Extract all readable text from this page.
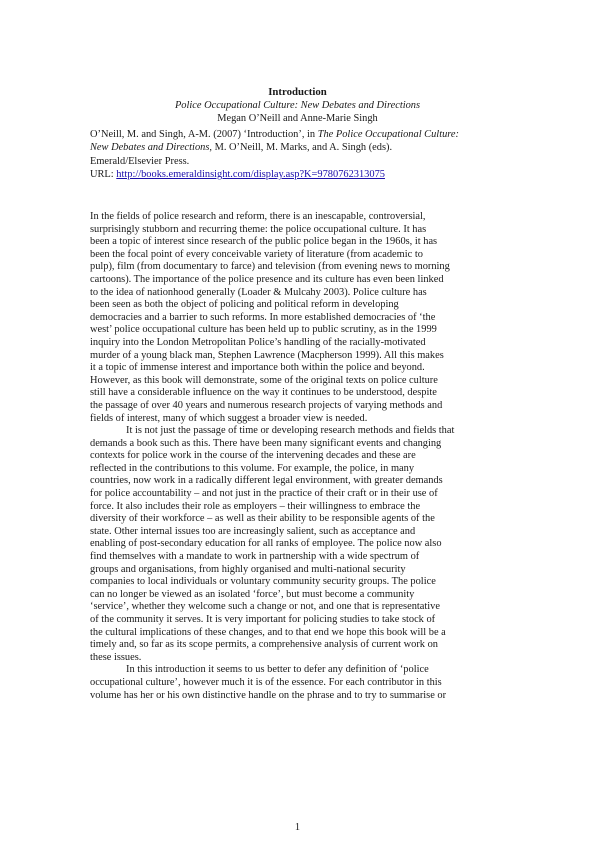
Introduction
Police Occupational Culture: New Debates and Directions
Megan O’Neill and Anne-Marie Singh

O’Neill, M. and Singh, A-M. (2007) ‘Introduction’, in The Police Occupational Culture:

New Debates and Directions, M. O’Neill, M. Marks, and A. Singh (eds).

Emerald/Elsevier Press.

URL: http://books.emeraldinsight.com/display.asp?K=9780762313075

In the fields of police research and reform, there is an inescapable, controversial,
surprisingly stubborn and recurring theme: the police occupational culture. It has
been a topic of interest since research of the public police began in the 1960s, it has
been the focal point of every conceivable variety of literature (from academic to
pulp), film (from documentary to farce) and television (from evening news to morning
cartoons). The importance of the police presence and its culture has even been linked
to the idea of nationhood generally (Loader & Mulcahy 2003). Police culture has
been seen as both the object of policing and political reform in developing
democracies and a barrier to such reforms. In more established democracies of ‘the
west’ police occupational culture has been held up to public scrutiny, as in the 1999
inquiry into the London Metropolitan Police’s handling of the racially-motivated
murder of a young black man, Stephen Lawrence (Macpherson 1999). All this makes
it a topic of immense interest and importance both within the police and beyond.
However, as this book will demonstrate, some of the original texts on police culture
still have a considerable influence on the way it continues to be understood, despite
the passage of over 40 years and numerous research projects of varying methods and
fields of interest, many of which suggest a broader view is needed.
It is not just the passage of time or developing research methods and fields that
demands a book such as this. There have been many significant events and changing
contexts for police work in the course of the intervening decades and these are
reflected in the contributions to this volume. For example, the police, in many
countries, now work in a radically different legal environment, with greater demands
for police accountability – and not just in the practice of their craft or in their use of
force. It also includes their role as employers – their willingness to embrace the
diversity of their workforce – as well as their ability to be responsible agents of the
state. Other internal issues too are increasingly salient, such as acceptance and
enabling of post-secondary education for all ranks of employee. The police now also
find themselves with a mandate to work in partnership with a wide spectrum of
groups and organisations, from highly organised and multi-national security
companies to local individuals or voluntary community security groups. The police
can no longer be viewed as an isolated ‘force’, but must become a community
‘service’, whether they welcome such a change or not, and one that is representative
of the community it serves. It is very important for policing studies to take stock of
the cultural implications of these changes, and to that end we hope this book will be a
timely and, so far as its scope permits, a comprehensive analysis of current work on
these issues.
In this introduction it seems to us better to defer any definition of ‘police
occupational culture’, however much it is of the essence. For each contributor in this
volume has her or his own distinctive handle on the phrase and to try to summarise or
1
